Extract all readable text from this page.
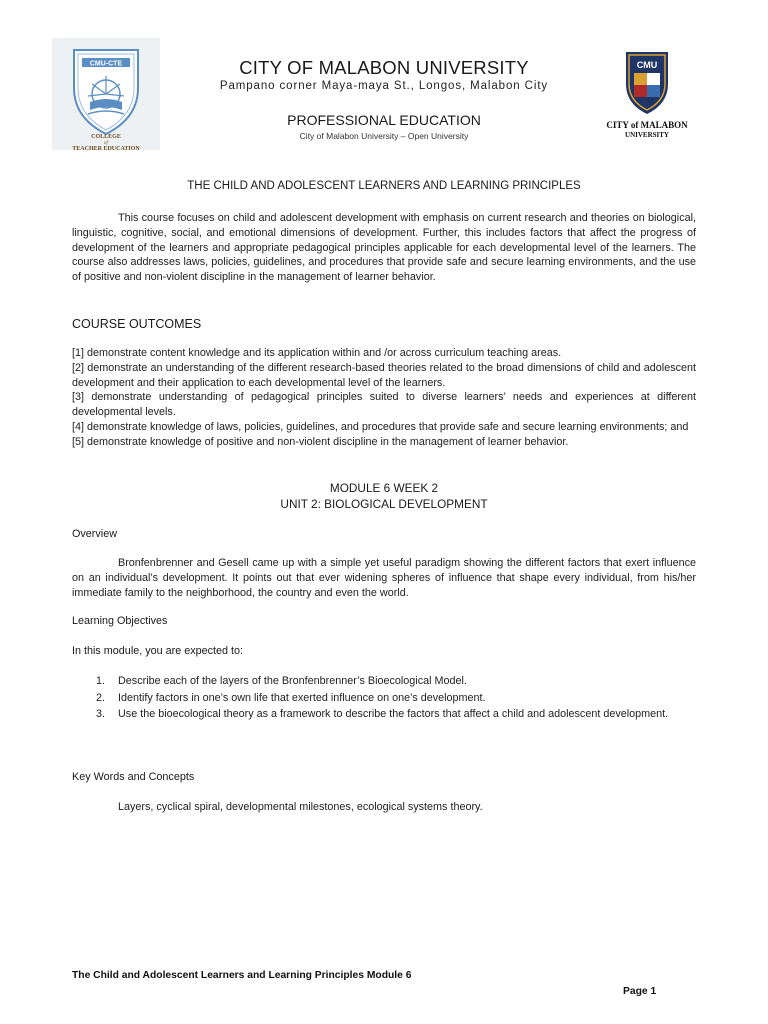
CMU-CTE
COLLEGE
of
TEACHER EDUCATION
CITY OF MALABON UNIVERSITY
Pampano corner Maya-maya St., Longos, Malabon City
PROFESSIONAL EDUCATION
City of Malabon University – Open University
CMU
CITY of MALABON
UNIVERSITY
THE CHILD AND ADOLESCENT LEARNERS AND LEARNING PRINCIPLES
This course focuses on child and adolescent development with emphasis on current research and theories on biological, linguistic, cognitive, social, and emotional dimensions of development. Further, this includes factors that affect the progress of development of the learners and appropriate pedagogical principles applicable for each developmental level of the learners. The course also addresses laws, policies, guidelines, and procedures that provide safe and secure learning environments, and the use of positive and non-violent discipline in the management of learner behavior.
COURSE OUTCOMES
[1] demonstrate content knowledge and its application within and /or across curriculum teaching areas.
[2] demonstrate an understanding of the different research-based theories related to the broad dimensions of child and adolescent development and their application to each developmental level of the learners.
[3] demonstrate understanding of pedagogical principles suited to diverse learners’ needs and experiences at different developmental levels.
[4] demonstrate knowledge of laws, policies, guidelines, and procedures that provide safe and secure learning environments; and
[5] demonstrate knowledge of positive and non-violent discipline in the management of learner behavior.
MODULE 6 WEEK 2
UNIT 2: BIOLOGICAL DEVELOPMENT
Overview
Bronfenbrenner and Gesell came up with a simple yet useful paradigm showing the different factors that exert influence on an individual’s development. It points out that ever widening spheres of influence that shape every individual, from his/her immediate family to the neighborhood, the country and even the world.
Learning Objectives
In this module, you are expected to:
1.	Describe each of the layers of the Bronfenbrenner’s Bioecological Model.
2.	Identify factors in one’s own life that exerted influence on one’s development.
3.	Use the bioecological theory as a framework to describe the factors that affect a child and adolescent development.
Key Words and Concepts
Layers, cyclical spiral, developmental milestones, ecological systems theory.
The Child and Adolescent Learners and Learning Principles Module 6
Page 1
